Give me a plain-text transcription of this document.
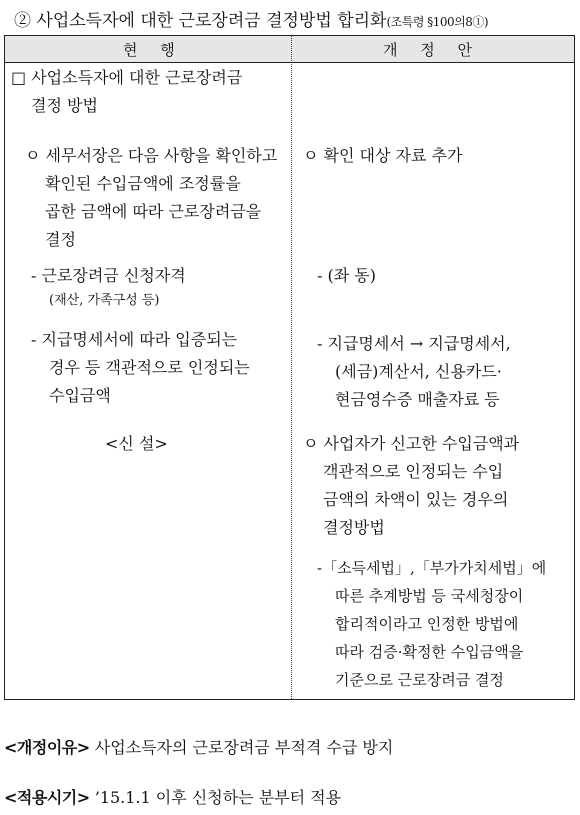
② 사업소득자에 대한 근로장려금 결정방법 합리화(조특령 §100의8①)
현 행	개 정 안
□ 사업소득자에 대한 근로장려금
결정 방법
ㅇ 세무서장은 다음 사항을 확인하고
확인된 수입금액에 조정률을
곱한 금액에 따라 근로장려금을
결정
- 근로장려금 신청자격
(재산, 가족구성 등)
- 지급명세서에 따라 입증되는
경우 등 객관적으로 인정되는
수입금액
<신 설>
ㅇ 확인 대상 자료 추가
- (좌 동)
- 지급명세서 → 지급명세서,
(세금)계산서, 신용카드·
현금영수증 매출자료 등
ㅇ 사업자가 신고한 수입금액과
객관적으로 인정되는 수입
금액의 차액이 있는 경우의
결정방법
-「소득세법」,「부가가치세법」에
따른 추계방법 등 국세청장이
합리적이라고 인정한 방법에
따라 검증·확정한 수입금액을
기준으로 근로장려금 결정
<개정이유> 사업소득자의 근로장려금 부적격 수급 방지
<적용시기> ’15.1.1 이후 신청하는 분부터 적용
